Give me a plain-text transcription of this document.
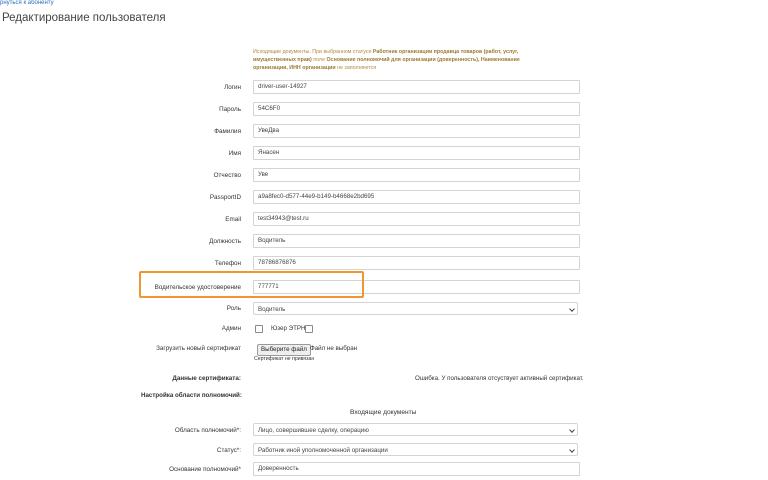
рнуться к абоненту
Редактирование пользователя
Исходящие документы. При выбранном статусе Работник организации продавца товаров (работ, услуг, имущественных прав) поле Основание полномочий для организации (доверенность), Наименование организации, ИНН организации не заполняются
Логин	driver-user-14927
Пароль	54C6F0
Фамилия	УвеДва
Имя	Янасен
Отчество	Уве
PassportID	a9a8fec0-d577-44e9-b149-b4668e2bd695
Email	test34943@test.ru
Должность	Водитель
Телефон	78786876876
Водительское удостоверение	777771
Роль	Водитель
Админ	Юзер ЭТРН
Загрузить новый сертификат	Выберите файл Файл не выбран
Сертификат не привязан
Данные сертификата:	Ошибка. У пользователя отсуствует активный сертификат.
Настройка области полномочий:
Входящие документы
Область полномочий*:	Лицо, совершившее сделку, операцию
Статус*:	Работник иной уполномоченной организации
Основание полномочий*	Доверенность
